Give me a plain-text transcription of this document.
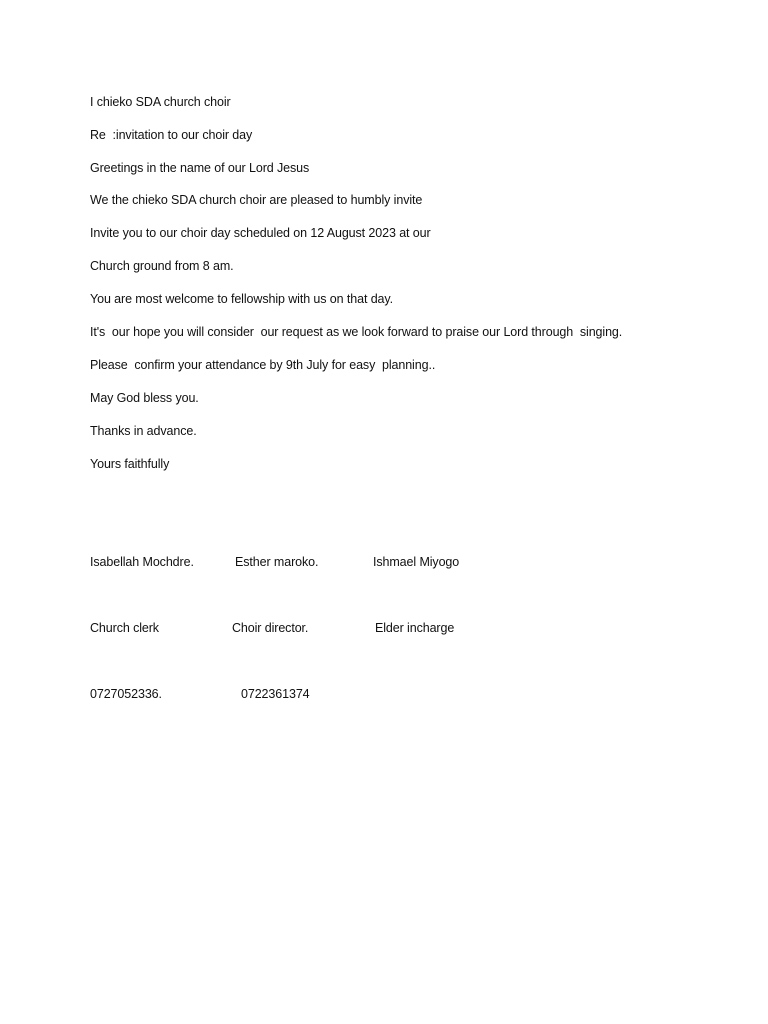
I chieko SDA church choir
Re  :invitation to our choir day
Greetings in the name of our Lord Jesus
We the chieko SDA church choir are pleased to humbly invite
Invite you to our choir day scheduled on 12 August 2023 at our
Church ground from 8 am.
You are most welcome to fellowship with us on that day.
It's  our hope you will consider  our request as we look forward to praise our Lord through  singing.
Please  confirm your attendance by 9th July for easy  planning..
May God bless you.
Thanks in advance.
Yours faithfully
Isabellah Mochdre.	Esther maroko.	Ishmael Miyogo
Church clerk	Choir director.	Elder incharge
0727052336.	0722361374
